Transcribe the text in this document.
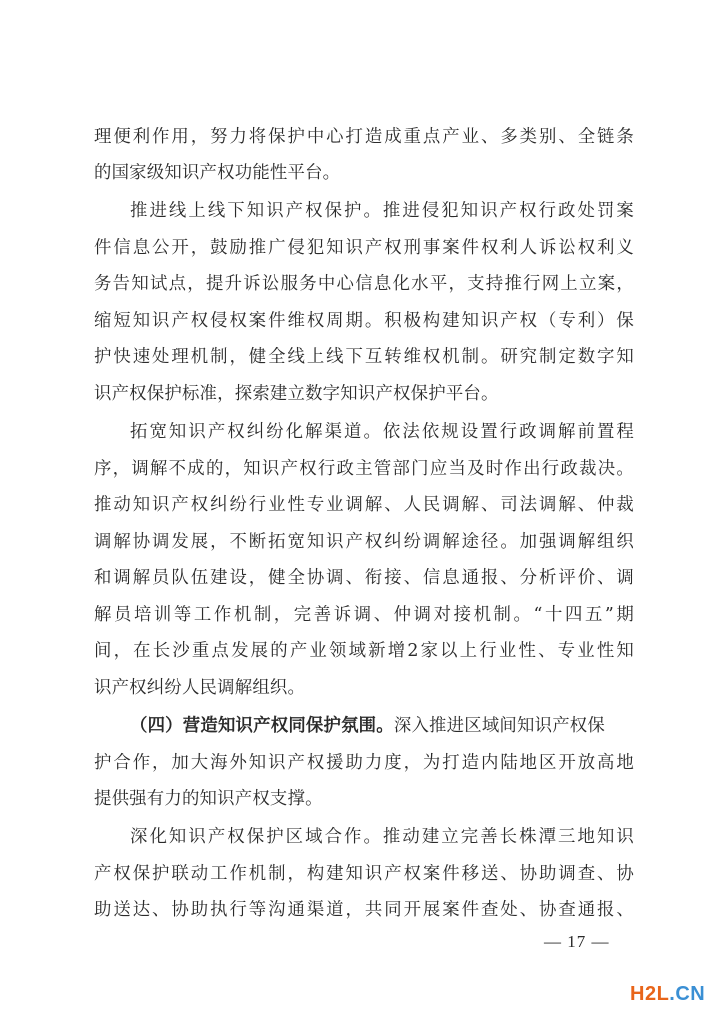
理便利作用，努力将保护中心打造成重点产业、多类别、全链条
的国家级知识产权功能性平台。
推进线上线下知识产权保护。推进侵犯知识产权行政处罚案
件信息公开，鼓励推广侵犯知识产权刑事案件权利人诉讼权利义
务告知试点，提升诉讼服务中心信息化水平，支持推行网上立案，
缩短知识产权侵权案件维权周期。积极构建知识产权（专利）保
护快速处理机制，健全线上线下互转维权机制。研究制定数字知
识产权保护标准，探索建立数字知识产权保护平台。
拓宽知识产权纠纷化解渠道。依法依规设置行政调解前置程
序，调解不成的，知识产权行政主管部门应当及时作出行政裁决。
推动知识产权纠纷行业性专业调解、人民调解、司法调解、仲裁
调解协调发展，不断拓宽知识产权纠纷调解途径。加强调解组织
和调解员队伍建设，健全协调、衔接、信息通报、分析评价、调
解员培训等工作机制，完善诉调、仲调对接机制。“十四五”期
间，在长沙重点发展的产业领域新增2家以上行业性、专业性知
识产权纠纷人民调解组织。
（四）营造知识产权同保护氛围。深入推进区域间知识产权保
护合作，加大海外知识产权援助力度，为打造内陆地区开放高地
提供强有力的知识产权支撑。
深化知识产权保护区域合作。推动建立完善长株潭三地知识
产权保护联动工作机制，构建知识产权案件移送、协助调查、协
助送达、协助执行等沟通渠道，共同开展案件查处、协查通报、
— 17 —
H2L.CN
